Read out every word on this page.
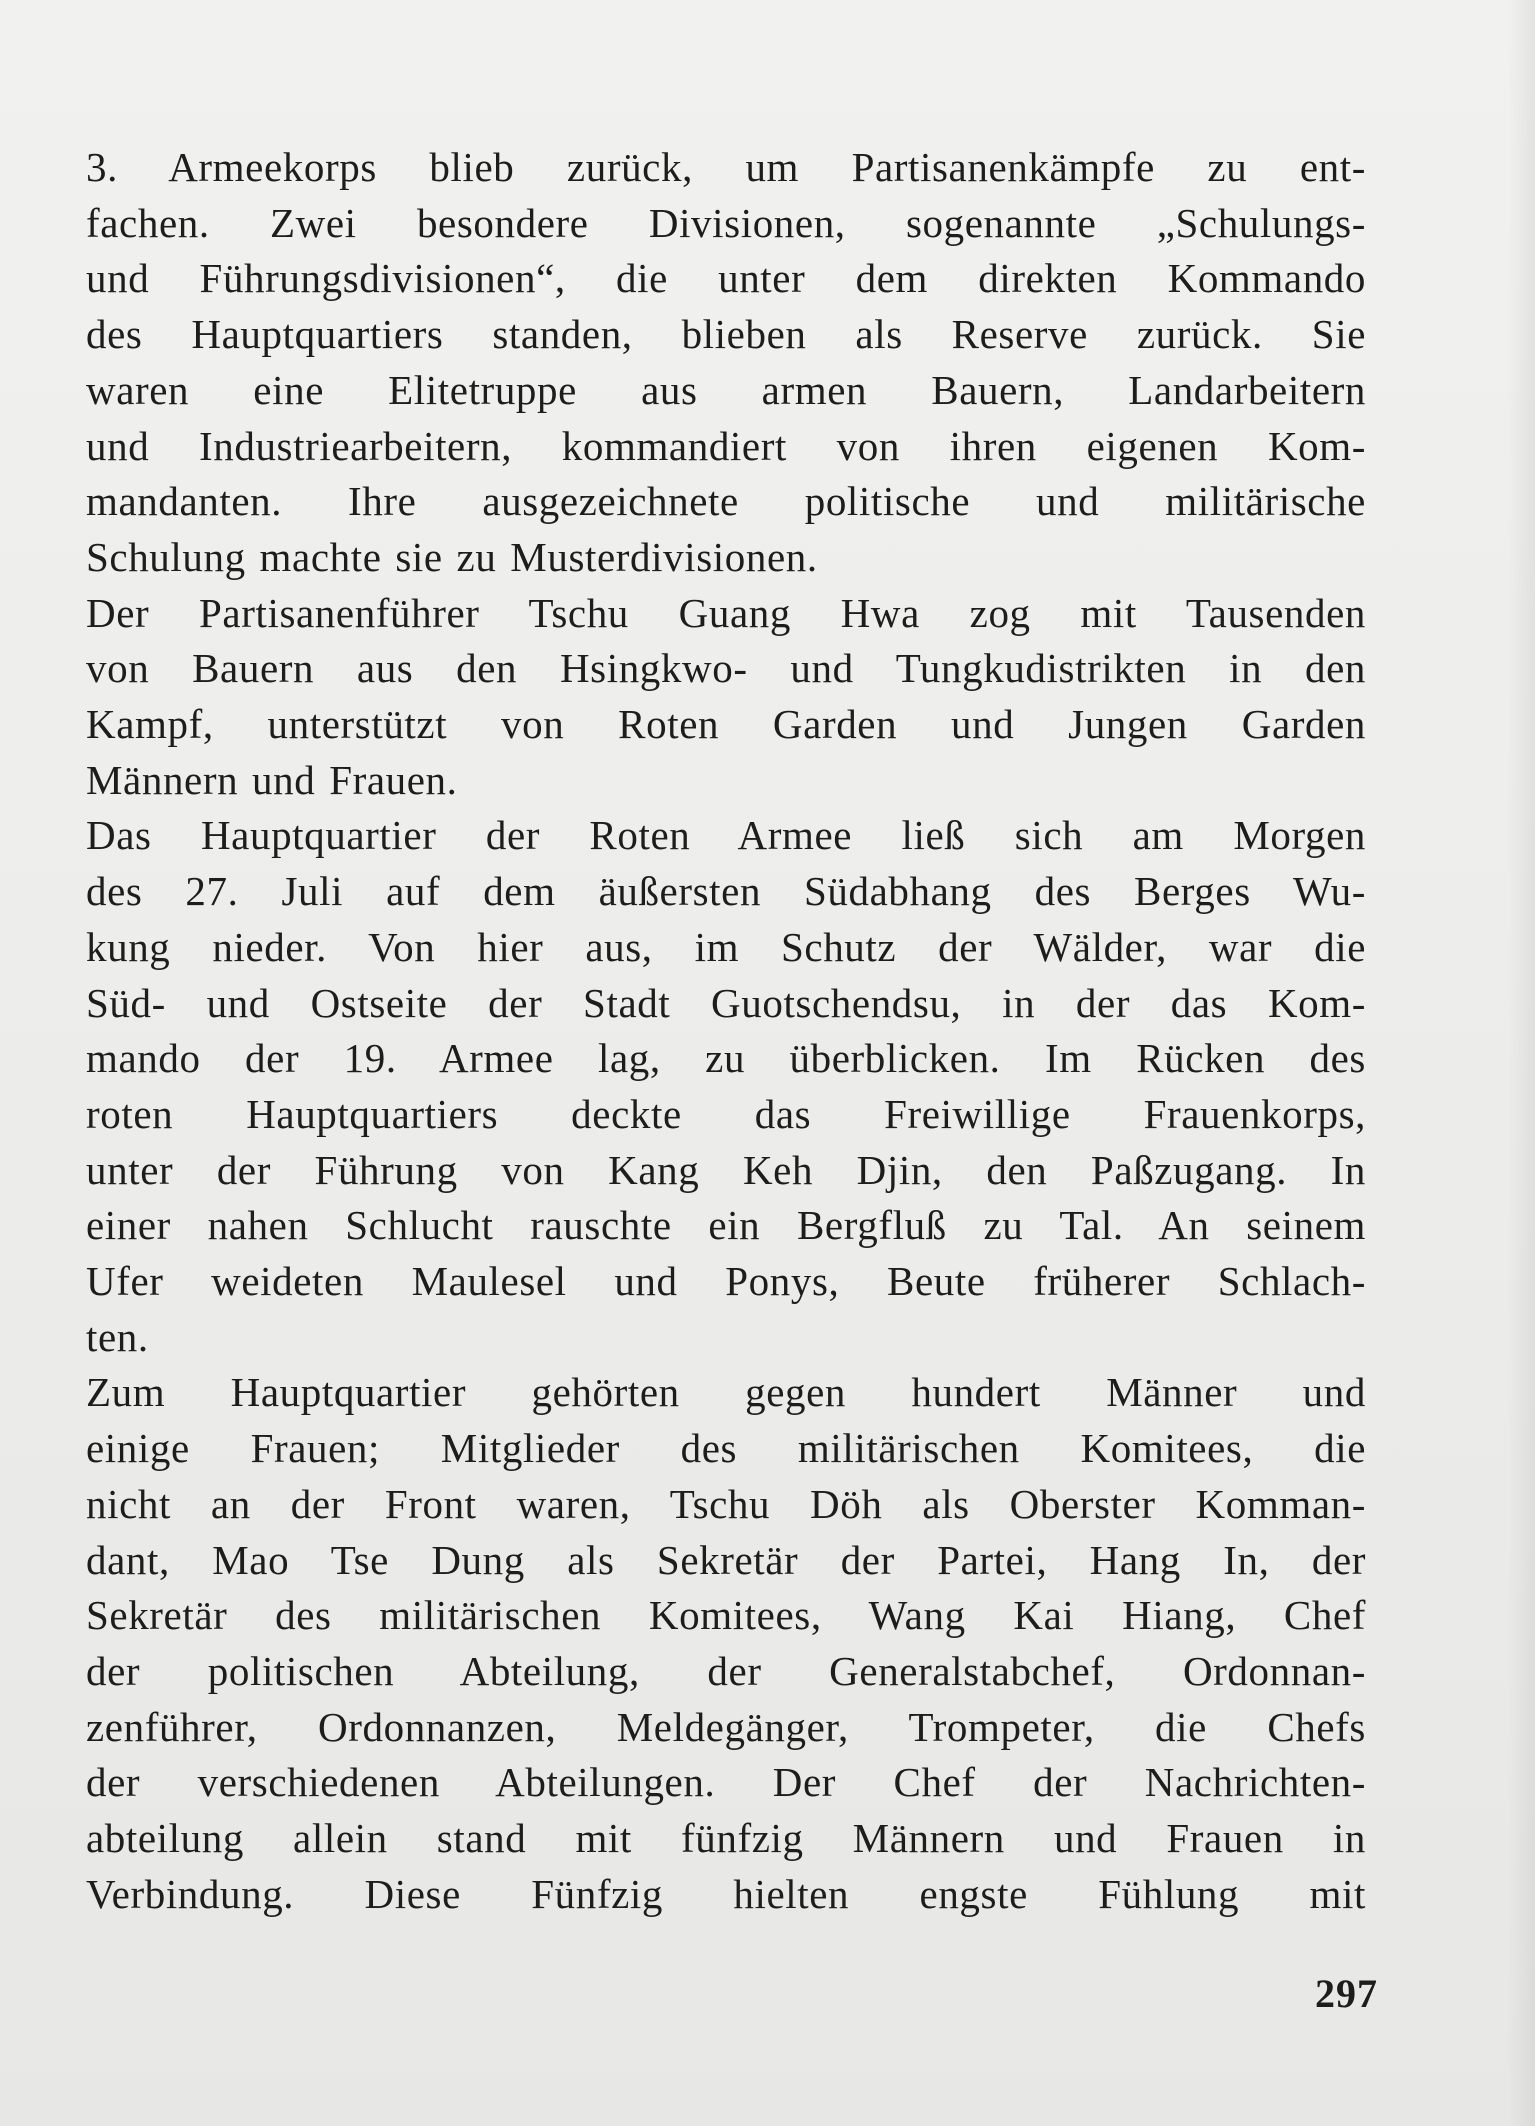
3. Armeekorps blieb zurück, um Partisanenkämpfe zu ent-
fachen. Zwei besondere Divisionen, sogenannte „Schulungs-
und Führungsdivisionen“, die unter dem direkten Kommando
des Hauptquartiers standen, blieben als Reserve zurück. Sie
waren eine Elitetruppe aus armen Bauern, Landarbeitern
und Industriearbeitern, kommandiert von ihren eigenen Kom-
mandanten. Ihre ausgezeichnete politische und militärische
Schulung machte sie zu Musterdivisionen.
Der Partisanenführer Tschu Guang Hwa zog mit Tausenden
von Bauern aus den Hsingkwo- und Tungkudistrikten in den
Kampf, unterstützt von Roten Garden und Jungen Garden
Männern und Frauen.
Das Hauptquartier der Roten Armee ließ sich am Morgen
des 27. Juli auf dem äußersten Südabhang des Berges Wu-
kung nieder. Von hier aus, im Schutz der Wälder, war die
Süd- und Ostseite der Stadt Guotschendsu, in der das Kom-
mando der 19. Armee lag, zu überblicken. Im Rücken des
roten Hauptquartiers deckte das Freiwillige Frauenkorps,
unter der Führung von Kang Keh Djin, den Paßzugang. In
einer nahen Schlucht rauschte ein Bergfluß zu Tal. An seinem
Ufer weideten Maulesel und Ponys, Beute früherer Schlach-
ten.
Zum Hauptquartier gehörten gegen hundert Männer und
einige Frauen; Mitglieder des militärischen Komitees, die
nicht an der Front waren, Tschu Döh als Oberster Komman-
dant, Mao Tse Dung als Sekretär der Partei, Hang In, der
Sekretär des militärischen Komitees, Wang Kai Hiang, Chef
der politischen Abteilung, der Generalstabchef, Ordonnan-
zenführer, Ordonnanzen, Meldegänger, Trompeter, die Chefs
der verschiedenen Abteilungen. Der Chef der Nachrichten-
abteilung allein stand mit fünfzig Männern und Frauen in
Verbindung. Diese Fünfzig hielten engste Fühlung mit
297
